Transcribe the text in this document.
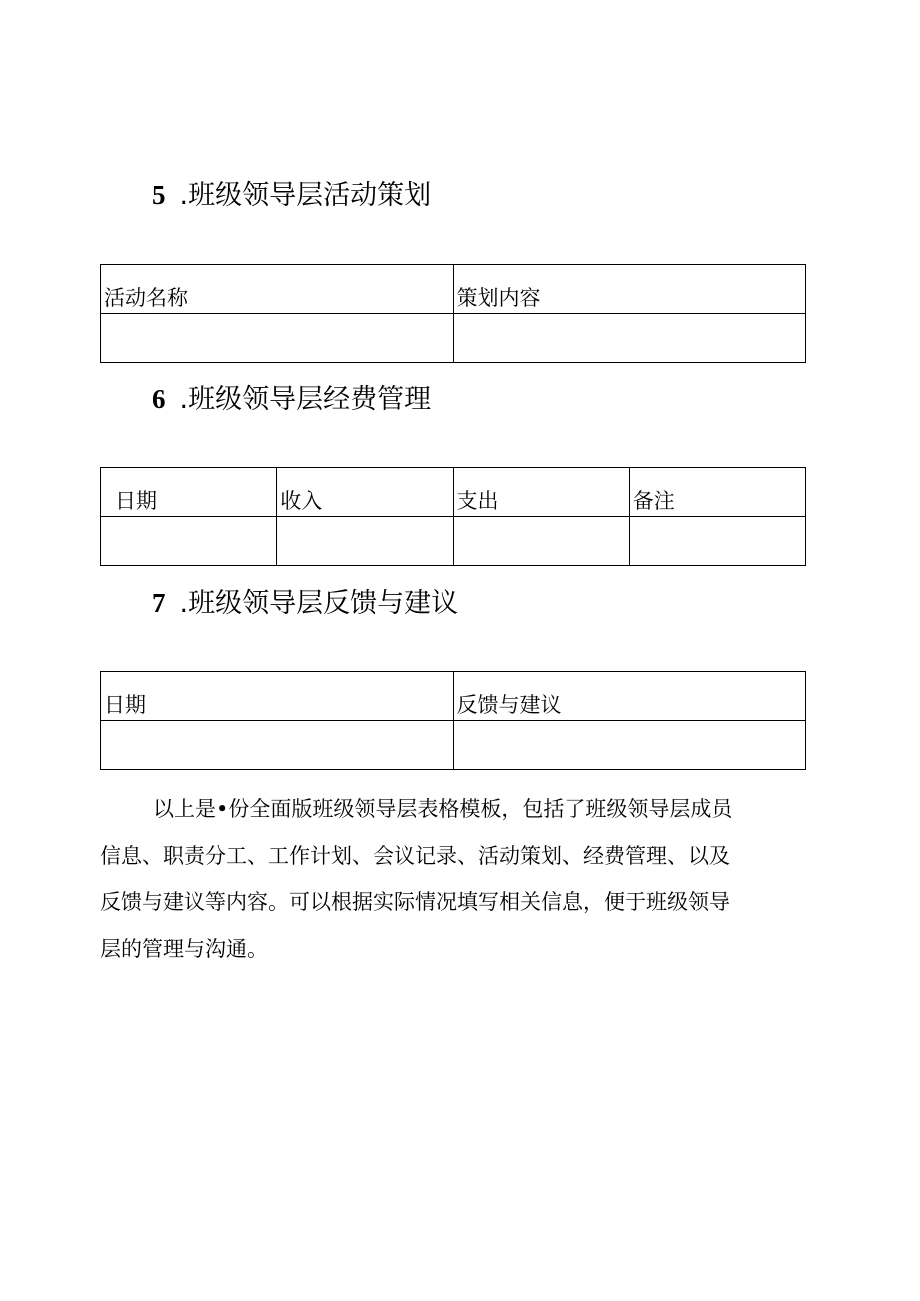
5 .班级领导层活动策划
活动名称	策划内容

6 .班级领导层经费管理
日期	收入	支出	备注

7 .班级领导层反馈与建议
日期	反馈与建议

以上是•份全面版班级领导层表格模板，包括了班级领导层成员
信息、职责分工、工作计划、会议记录、活动策划、经费管理、以及
反馈与建议等内容。可以根据实际情况填写相关信息，便于班级领导
层的管理与沟通。
